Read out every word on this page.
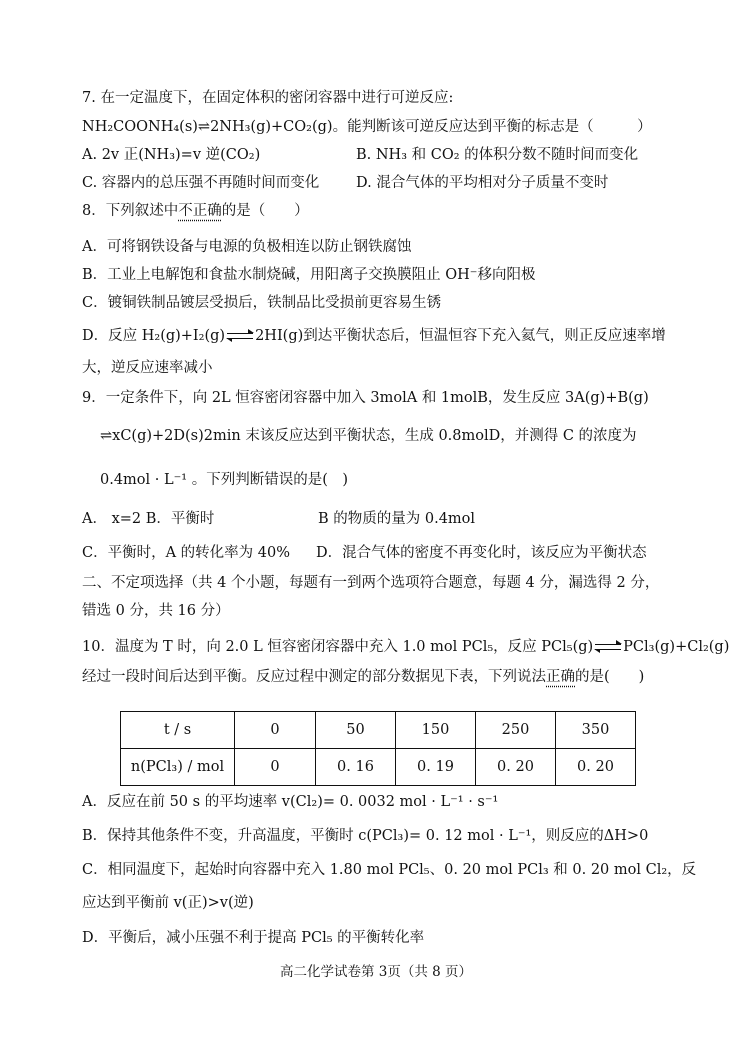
7. 在一定温度下，在固定体积的密闭容器中进行可逆反应:
NH₂COONH₄(s)⇌2NH₃(g)+CO₂(g)。能判断该可逆反应达到平衡的标志是（　　　）
A. 2v 正(NH₃)=v 逆(CO₂)	B. NH₃ 和 CO₂ 的体积分数不随时间而变化
C. 容器内的总压强不再随时间而变化	D. 混合气体的平均相对分子质量不变时
8．下列叙述中不正确的是（　　）
A．可将钢铁设备与电源的负极相连以防止钢铁腐蚀
B．工业上电解饱和食盐水制烧碱，用阳离子交换膜阻止 OH⁻移向阳极
C．镀铜铁制品镀层受损后，铁制品比受损前更容易生锈
D．反应 H₂(g)+I₂(g) ⇌ 2HI(g)到达平衡状态后，恒温恒容下充入氦气，则正反应速率增
大，逆反应速率减小
9．一定条件下，向 2L 恒容密闭容器中加入 3molA 和 1molB，发生反应 3A(g)+B(g)
⇌xC(g)+2D(s)2min 末该反应达到平衡状态，生成 0.8molD，并测得 C 的浓度为
0.4mol · L⁻¹ 。下列判断错误的是(　)
A． x=2 B．平衡时	B 的物质的量为 0.4mol
C．平衡时，A 的转化率为 40% D．混合气体的密度不再变化时，该反应为平衡状态
二、不定项选择（共 4 个小题，每题有一到两个选项符合题意，每题 4 分，漏选得 2 分，
错选 0 分，共 16 分）
10．温度为 T 时，向 2.0 L 恒容密闭容器中充入 1.0 mol PCl₅，反应 PCl₅(g) ⇌ PCl₃(g)+Cl₂(g)
经过一段时间后达到平衡。反应过程中测定的部分数据见下表，下列说法正确的是(　　)
t / s	0	50	150	250	350
n(PCl₃) / mol	0	0. 16	0. 19	0. 20	0. 20
A．反应在前 50 s 的平均速率 v(Cl₂)= 0. 0032 mol · L⁻¹ · s⁻¹
B．保持其他条件不变，升高温度，平衡时 c(PCl₃)= 0. 12 mol · L⁻¹，则反应的ΔH>0
C．相同温度下，起始时向容器中充入 1.80 mol PCl₅、0. 20 mol PCl₃ 和 0. 20 mol Cl₂，反
应达到平衡前 v(正)>v(逆)
D．平衡后，减小压强不利于提高 PCl₅ 的平衡转化率
高二化学试卷第 3页（共 8 页）
